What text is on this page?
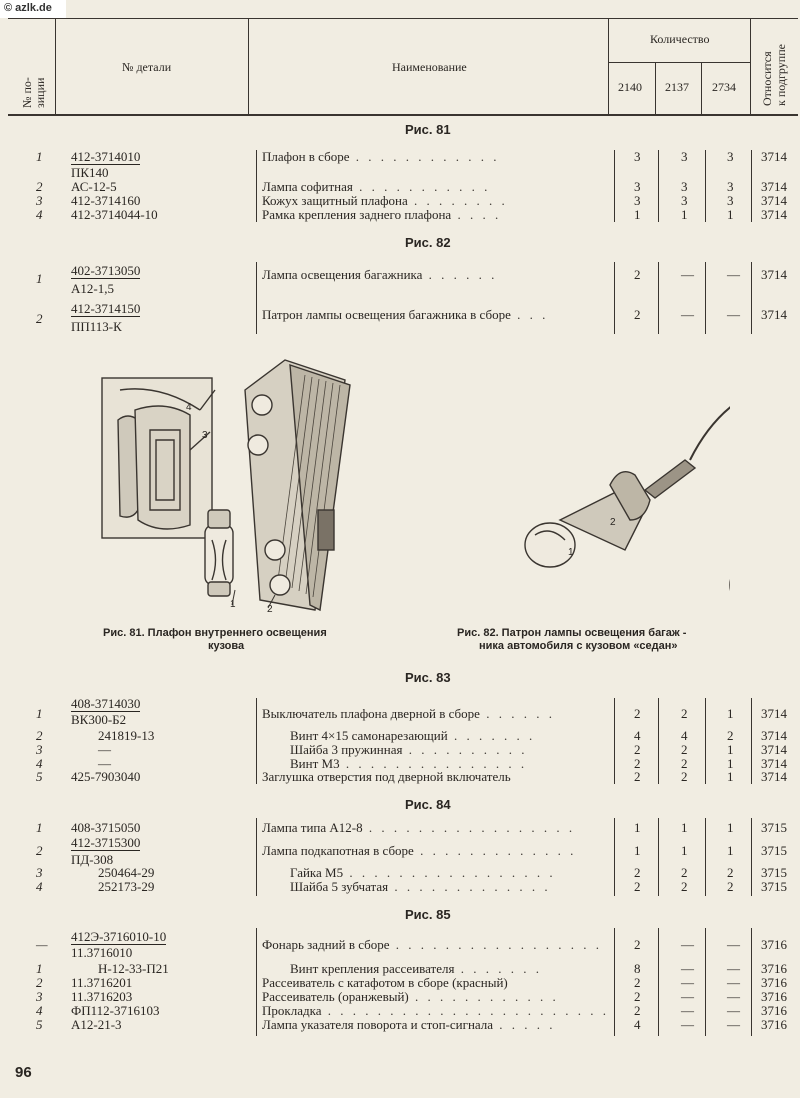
© azlk.de
№ по- зиции
№ детали	Наименование
Количество
2140 2137 2734 Относится к подгруппе
Рис. 81
1 412-3714010	Плафон в сборе . . . . . . . . . . . .	3	3	3 3714
ПК140
2 АС-12-5	Лампа софитная . . . . . . . . . . .	3	3	3 3714
3 412-3714160	Кожух защитный плафона . . . . . . . .	3	3	3 3714
4 412-3714044-10	Рамка крепления заднего плафона . . . .	1	1	1 3714
Рис. 82
1
402-3713050	Лампа освещения багажника . . . . . .	2	—	— 3714
А12-1,5
2
412-3714150	Патрон лампы освещения багажника в сборе . . .	2	—	— 3714
ПП113-К
4
3
1	2
1
2
Рис. 81. Плафон внутреннего освещения
кузова
Рис. 82. Патрон лампы освещения багаж -
ника автомобиля с кузовом «седан»
Рис. 83
1
408-3714030
Выключатель плафона дверной в сборе . . . . . .	2	2	1 3714
ВК300-Б2
2	241819-13	Винт 4×15 самонарезающий . . . . . . .	4	4	2 3714
3	—	Шайба 3 пружинная . . . . . . . . . .	2	2	1 3714
4	—	Винт М3 . . . . . . . . . . . . . . .	2	2	1 3714
5 425-7903040	Заглушка отверстия под дверной включатель	2	2	1 3714
Рис. 84
1 408-3715050	Лампа типа А12-8 . . . . . . . . . . . . . . . . .	1	1	1 3715
2
412-3715300
Лампа подкапотная в сборе . . . . . . . . . . . . .	1	1	1 3715
ПД-308
3	250464-29	Гайка М5 . . . . . . . . . . . . . . . . .	2	2	2 3715
4	252173-29	Шайба 5 зубчатая . . . . . . . . . . . . .	2	2	2 3715
Рис. 85
—
412Э-3716010-10
Фонарь задний в сборе . . . . . . . . . . . . . . . . . 2	—	— 3716
11.3716010
1	Н-12-33-П21	Винт крепления рассеивателя . . . . . . .	8	—	— 3716
2 11.3716201	Рассеиватель с катафотом в сборе (красный)	2	—	— 3716
3 11.3716203	Рассеиватель (оранжевый) . . . . . . . . . . . .	2	—	— 3716
4 ФП112-3716103	Прокладка . . . . . . . . . . . . . . . . . . . . . . . 2	—	— 3716
5 А12-21-3	Лампа указателя поворота и стоп-сигнала . . . . .	4	—	— 3716
96
